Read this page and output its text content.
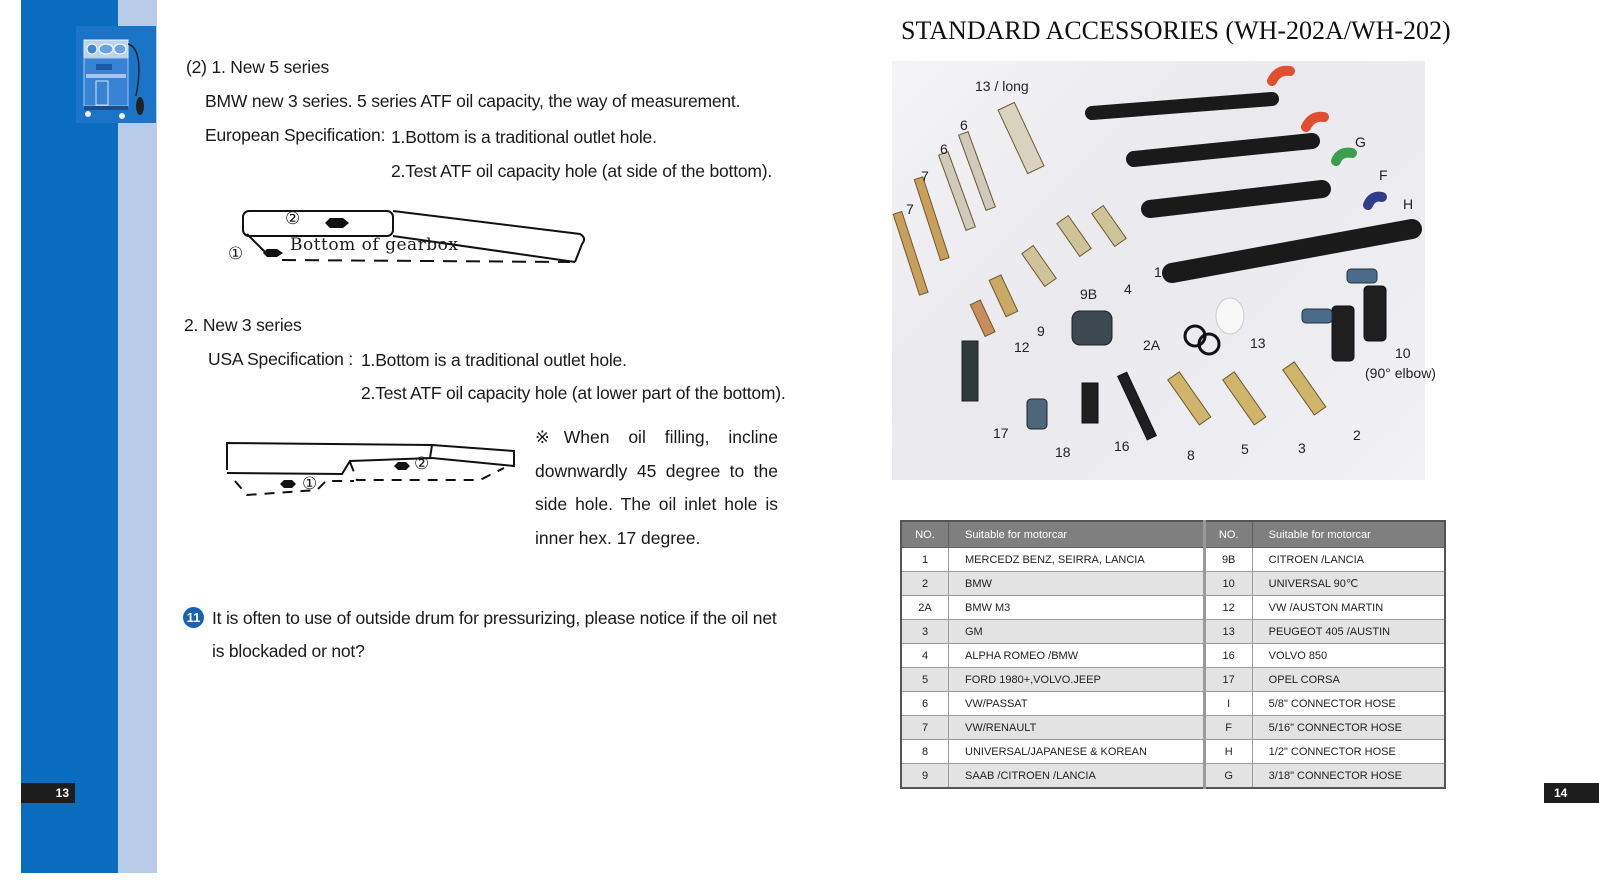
(2) 1. New 5 series
BMW new 3 series. 5 series ATF oil capacity, the way of measurement.
European Specification: 1.Bottom is a traditional outlet hole.
2.Test ATF oil capacity hole (at side of the bottom).
②
①	Bottom of gearbox
2. New 3 series
USA Specification : 1.Bottom is a traditional outlet hole.
2.Test ATF oil capacity hole (at lower part of the bottom).
①
②
※When oil filling, incline downwardly 45 degree to the side hole. The oil inlet hole is inner hex. 17 degree.
11 It is often to use of outside drum for pressurizing, please notice if the oil net
is blockaded or not?
13
STANDARD ACCESSORIES (WH-202A/WH-202)
13 / long
6
6
7
7
G
F
H
1
4
9B
9
12	2A	13
10
(90° elbow)
17
18	16
8	5	3
2
NO.	Suitable for motorcar	NO.	Suitable for motorcar
1	MERCEDZ BENZ, SEIRRA, LANCIA	9B	CITROEN /LANCIA
2	BMW	10	UNIVERSAL 90℃
2A	BMW M3	12	VW /AUSTON MARTIN
3	GM	13	PEUGEOT 405 /AUSTIN
4	ALPHA ROMEO /BMW	16	VOLVO 850
5	FORD 1980+,VOLVO.JEEP	17	OPEL CORSA
6	VW/PASSAT	I	5/8" CONNECTOR HOSE
7	VW/RENAULT	F	5/16" CONNECTOR HOSE
8	UNIVERSAL/JAPANESE & KOREAN	H	1/2" CONNECTOR HOSE
9	SAAB /CITROEN /LANCIA	G	3/18" CONNECTOR HOSE
14
